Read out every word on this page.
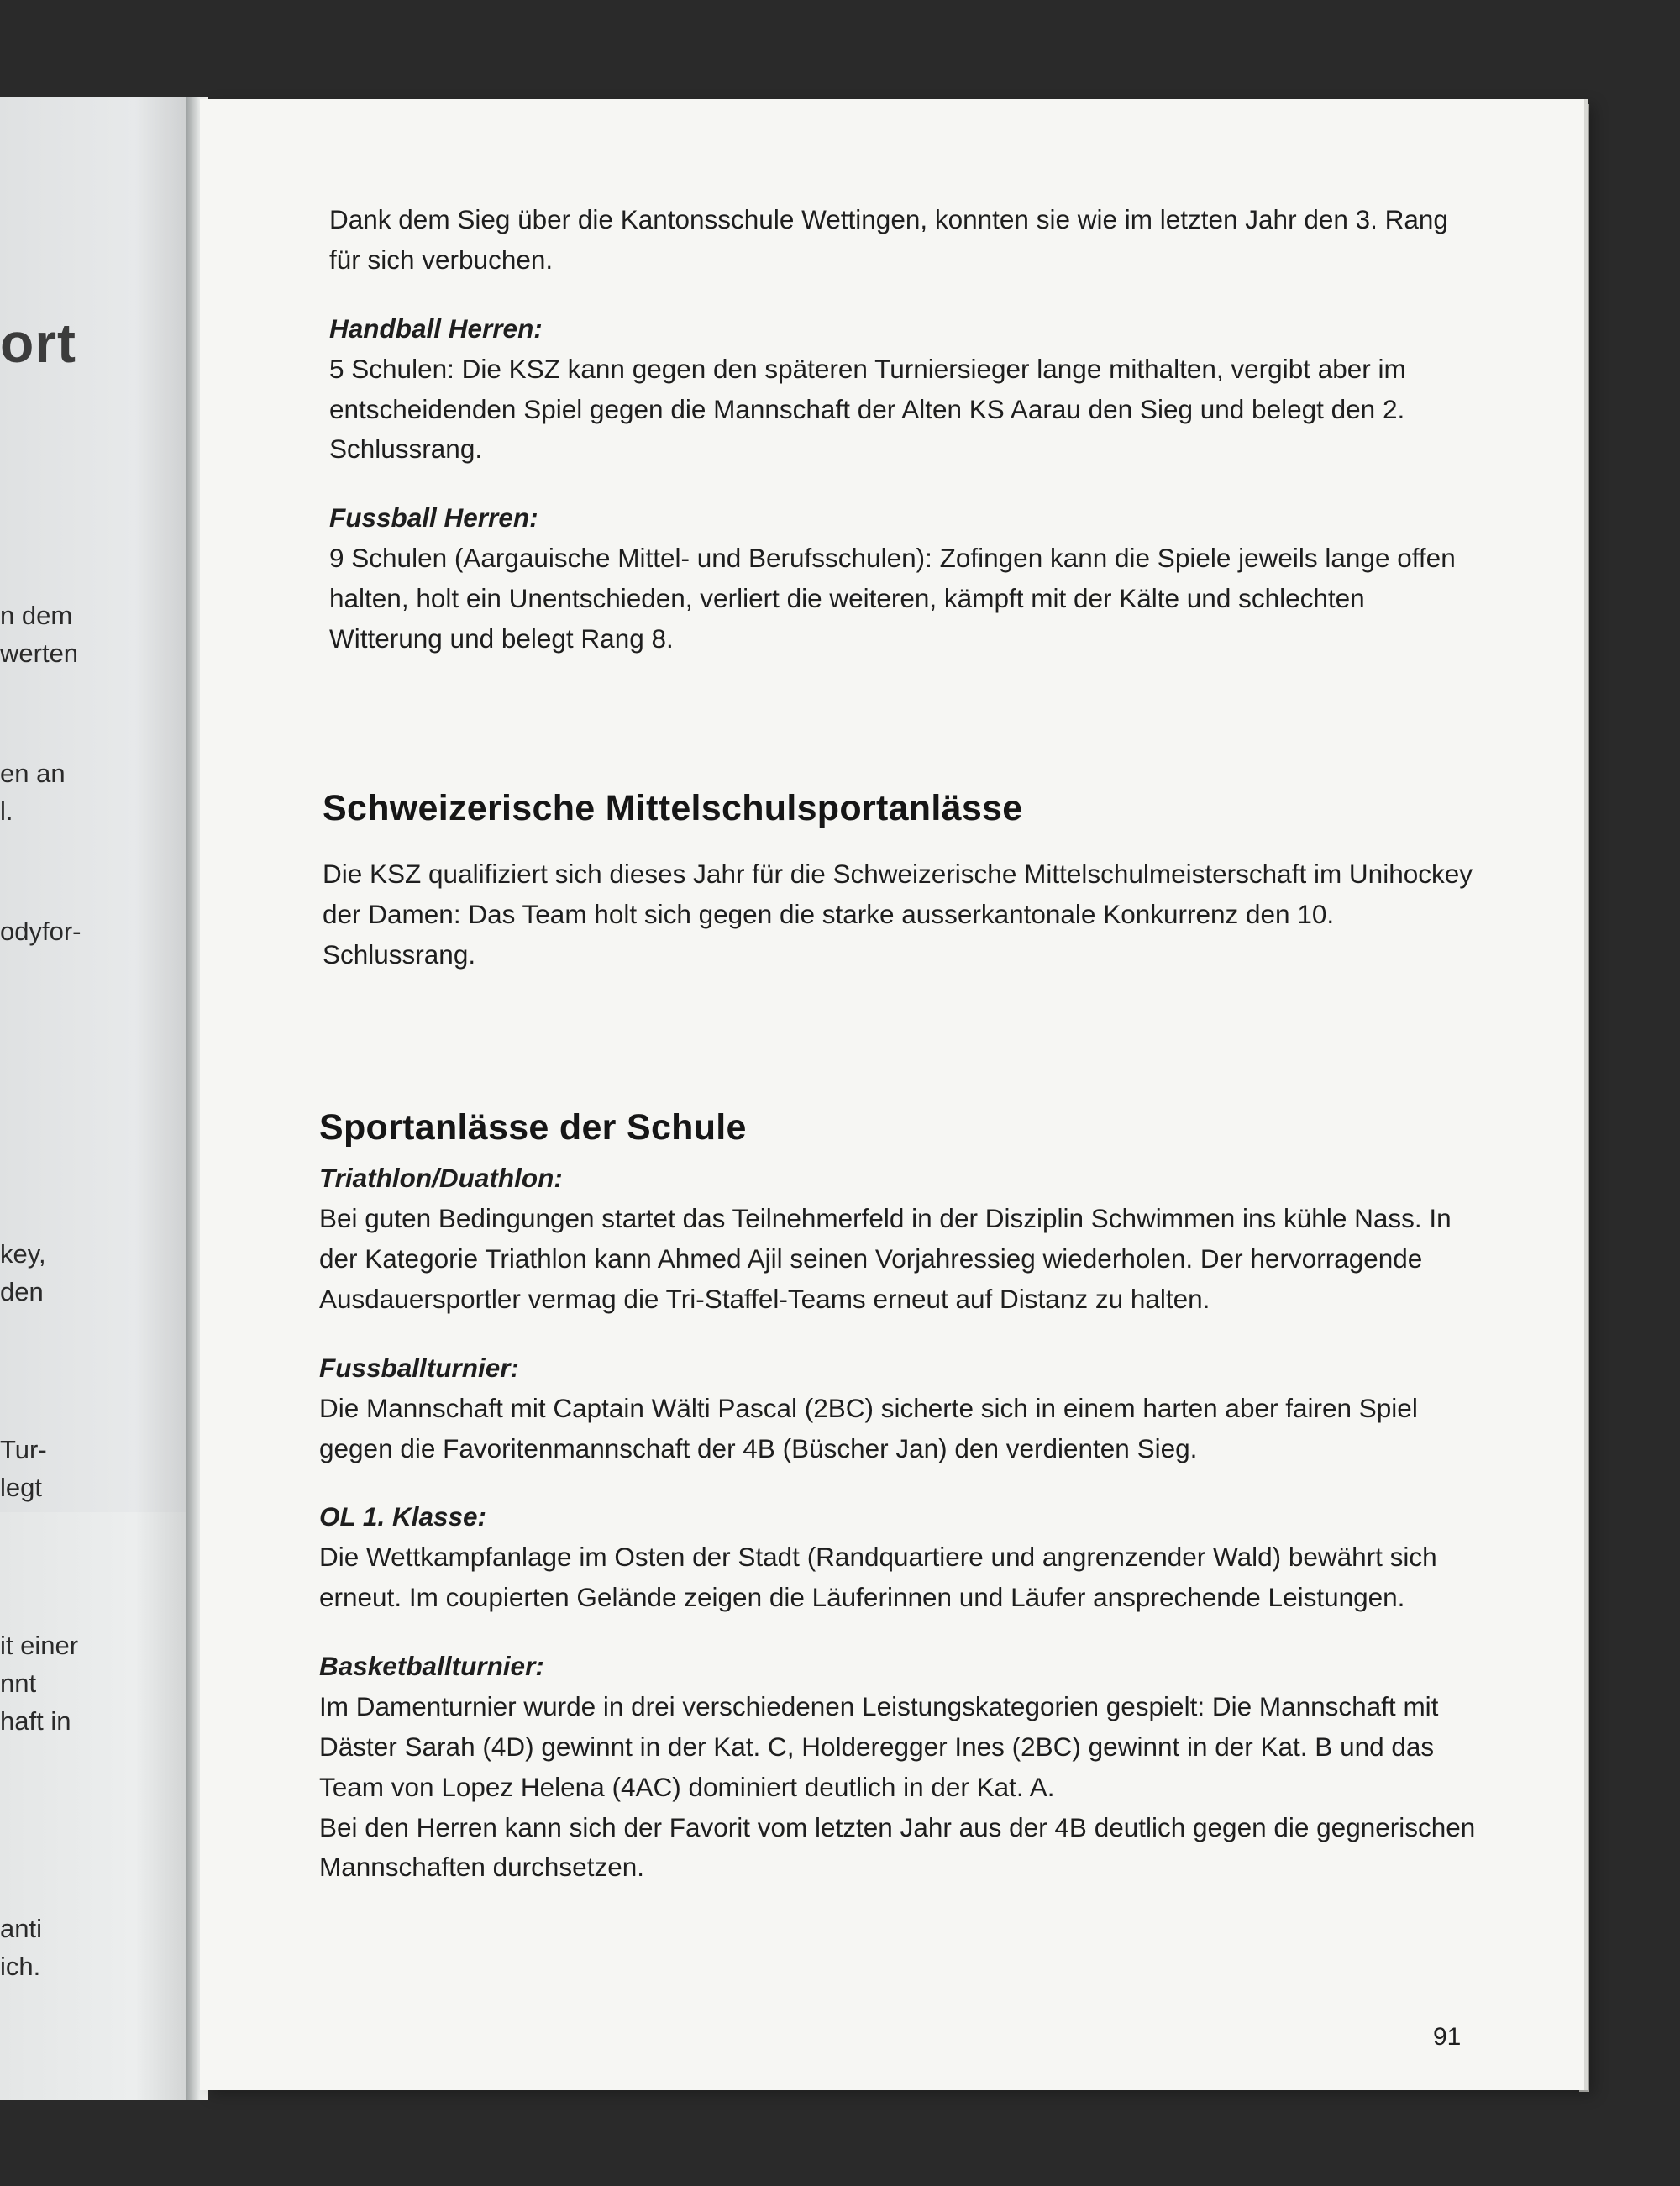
ort
n dem
werten
en an
l.
odyfor-
key,
den
Tur-
legt
it einer
nnt
haft in
anti
ich.

Dank dem Sieg über die Kantonsschule Wettingen, konnten sie wie im letzten Jahr den 3. Rang für sich verbuchen.

Handball Herren:

5 Schulen: Die KSZ kann gegen den späteren Turniersieger lange mithalten, vergibt aber im entscheidenden Spiel gegen die Mannschaft der Alten KS Aarau den Sieg und belegt den 2. Schlussrang.

Fussball Herren:

9 Schulen (Aargauische Mittel- und Berufsschulen): Zofingen kann die Spiele jeweils lange offen halten, holt ein Unentschieden, verliert die weiteren, kämpft mit der Kälte und schlechten Witterung und belegt Rang 8.

Schweizerische Mittelschulsportanlässe

Die KSZ qualifiziert sich dieses Jahr für die Schweizerische Mittelschulmeisterschaft im Unihockey der Damen: Das Team holt sich gegen die starke ausserkantonale Konkurrenz den 10. Schlussrang.

Sportanlässe der Schule

Triathlon/Duathlon:

Bei guten Bedingungen startet das Teilnehmerfeld in der Disziplin Schwimmen ins kühle Nass. In der Kategorie Triathlon kann Ahmed Ajil seinen Vorjahressieg wiederholen. Der hervorragende Ausdauersportler vermag die Tri-Staffel-Teams erneut auf Distanz zu halten.

Fussballturnier:

Die Mannschaft mit Captain Wälti Pascal (2BC) sicherte sich in einem harten aber fairen Spiel gegen die Favoritenmannschaft der 4B (Büscher Jan) den verdienten Sieg.

OL 1. Klasse:

Die Wettkampfanlage im Osten der Stadt (Randquartiere und angrenzender Wald) bewährt sich erneut. Im coupierten Gelände zeigen die Läuferinnen und Läufer ansprechende Leistungen.

Basketballturnier:

Im Damenturnier wurde in drei verschiedenen Leistungskategorien gespielt: Die Mannschaft mit Däster Sarah (4D) gewinnt in der Kat. C, Holderegger Ines (2BC) gewinnt in der Kat. B und das Team von Lopez Helena (4AC) dominiert deutlich in der Kat. A.

Bei den Herren kann sich der Favorit vom letzten Jahr aus der 4B deutlich gegen die gegnerischen Mannschaften durchsetzen.

91
